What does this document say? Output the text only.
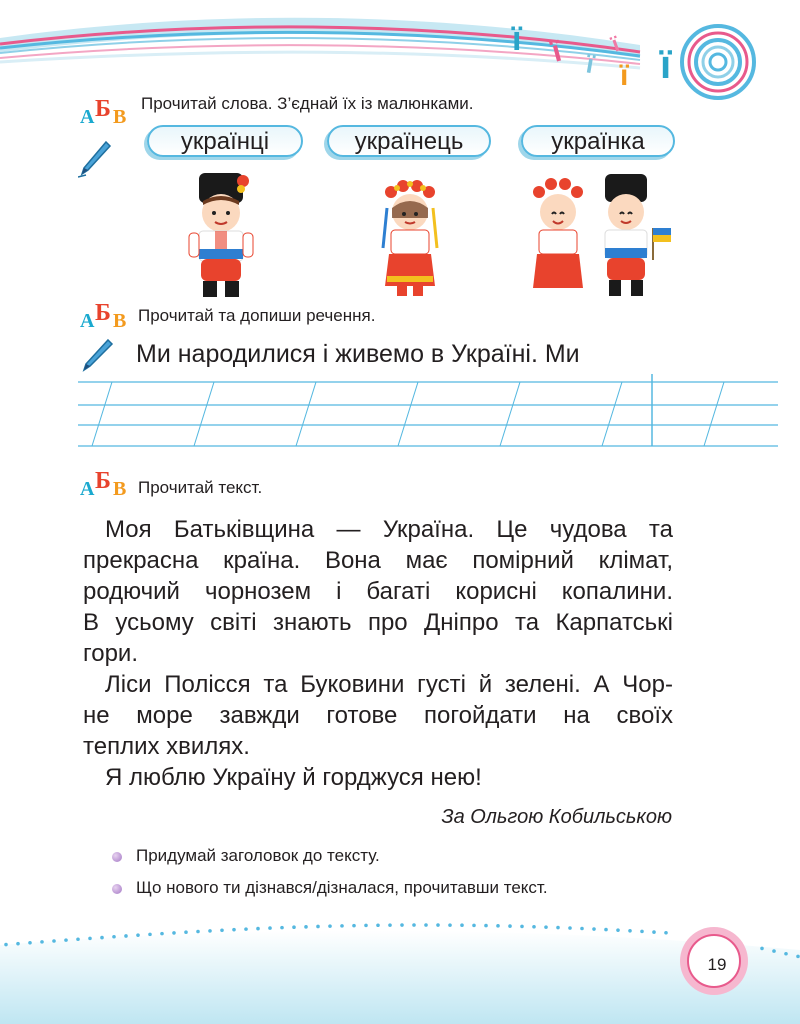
ї ї ї
ї
ї ї
А Б В
Прочитай слова. З’єднай їх із малюнками.
українці	українець	українка
А Б В Прочитай та допиши речення.
Ми народилися і живемо в Україні. Ми
А Б В Прочитай текст.
Моя Батьківщина — Україна. Це чудова та
прекрасна країна. Вона має помірний клімат,
родючий чорнозем і багаті корисні копалини.
В усьому світі знають про Дніпро та Карпатські
гори.
Ліси Полісся та Буковини густі й зелені. А Чор-
не море завжди готове погойдати на своїх
теплих хвилях.
Я люблю Україну й горджуся нею!
За Ольгою Кобильською
Придумай заголовок до тексту.
Що нового ти дізнався/дізналася, прочитавши текст.
19
